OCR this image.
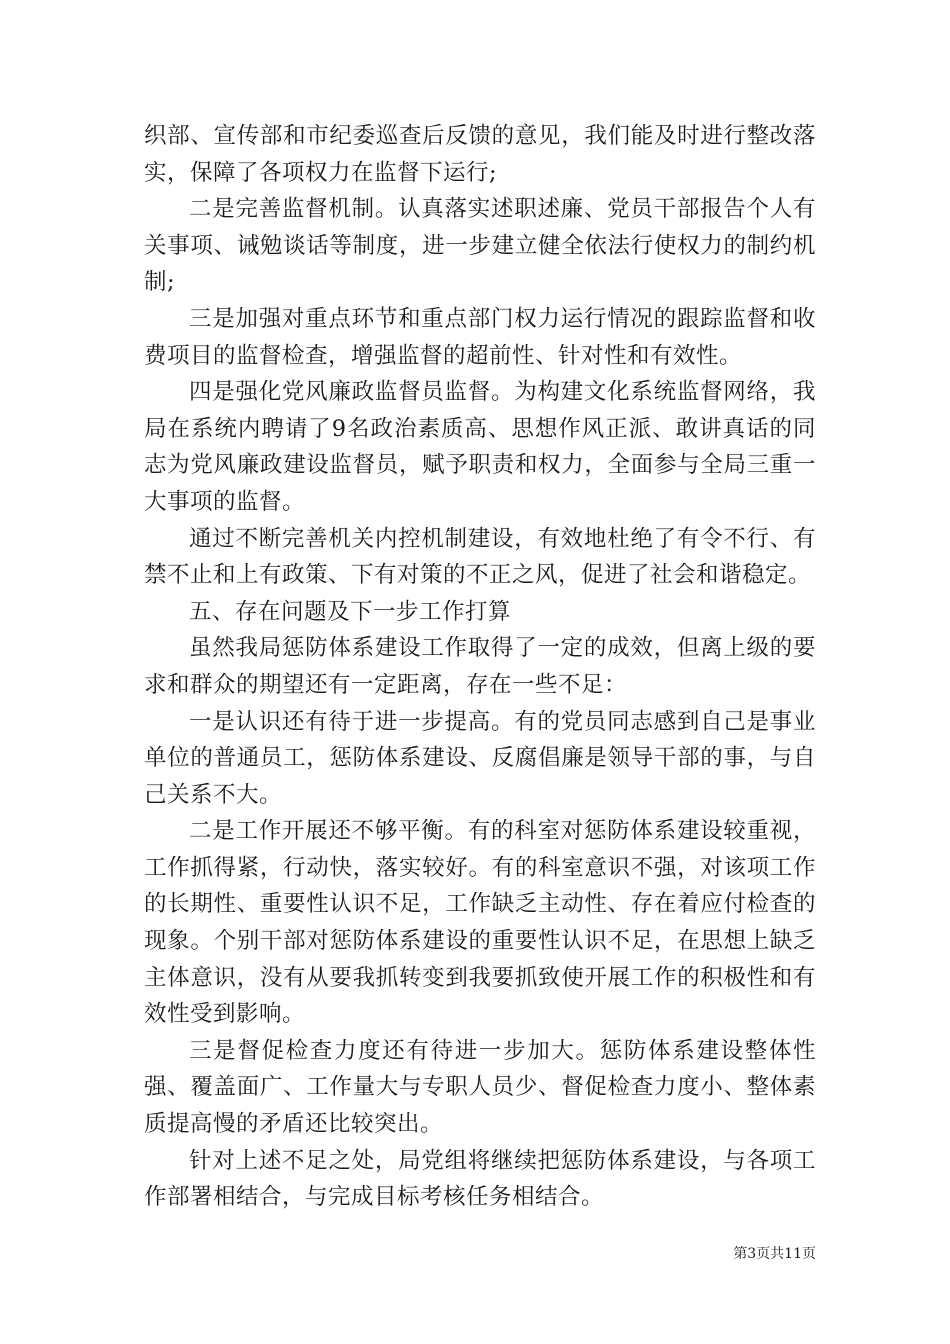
织部、宣传部和市纪委巡查后反馈的意见，我们能及时进行整改落实，保障了各项权力在监督下运行;

二是完善监督机制。认真落实述职述廉、党员干部报告个人有关事项、诫勉谈话等制度，进一步建立健全依法行使权力的制约机制;

三是加强对重点环节和重点部门权力运行情况的跟踪监督和收费项目的监督检查，增强监督的超前性、针对性和有效性。

四是强化党风廉政监督员监督。为构建文化系统监督网络，我局在系统内聘请了9名政治素质高、思想作风正派、敢讲真话的同志为党风廉政建设监督员，赋予职责和权力，全面参与全局三重一大事项的监督。

通过不断完善机关内控机制建设，有效地杜绝了有令不行、有禁不止和上有政策、下有对策的不正之风，促进了社会和谐稳定。

五、存在问题及下一步工作打算

虽然我局惩防体系建设工作取得了一定的成效，但离上级的要求和群众的期望还有一定距离，存在一些不足：

一是认识还有待于进一步提高。有的党员同志感到自己是事业单位的普通员工，惩防体系建设、反腐倡廉是领导干部的事，与自己关系不大。

二是工作开展还不够平衡。有的科室对惩防体系建设较重视，工作抓得紧，行动快，落实较好。有的科室意识不强，对该项工作的长期性、重要性认识不足，工作缺乏主动性、存在着应付检查的现象。个别干部对惩防体系建设的重要性认识不足，在思想上缺乏主体意识，没有从要我抓转变到我要抓致使开展工作的积极性和有效性受到影响。

三是督促检查力度还有待进一步加大。惩防体系建设整体性强、覆盖面广、工作量大与专职人员少、督促检查力度小、整体素质提高慢的矛盾还比较突出。

针对上述不足之处，局党组将继续把惩防体系建设，与各项工作部署相结合，与完成目标考核任务相结合。

第3页共11页
